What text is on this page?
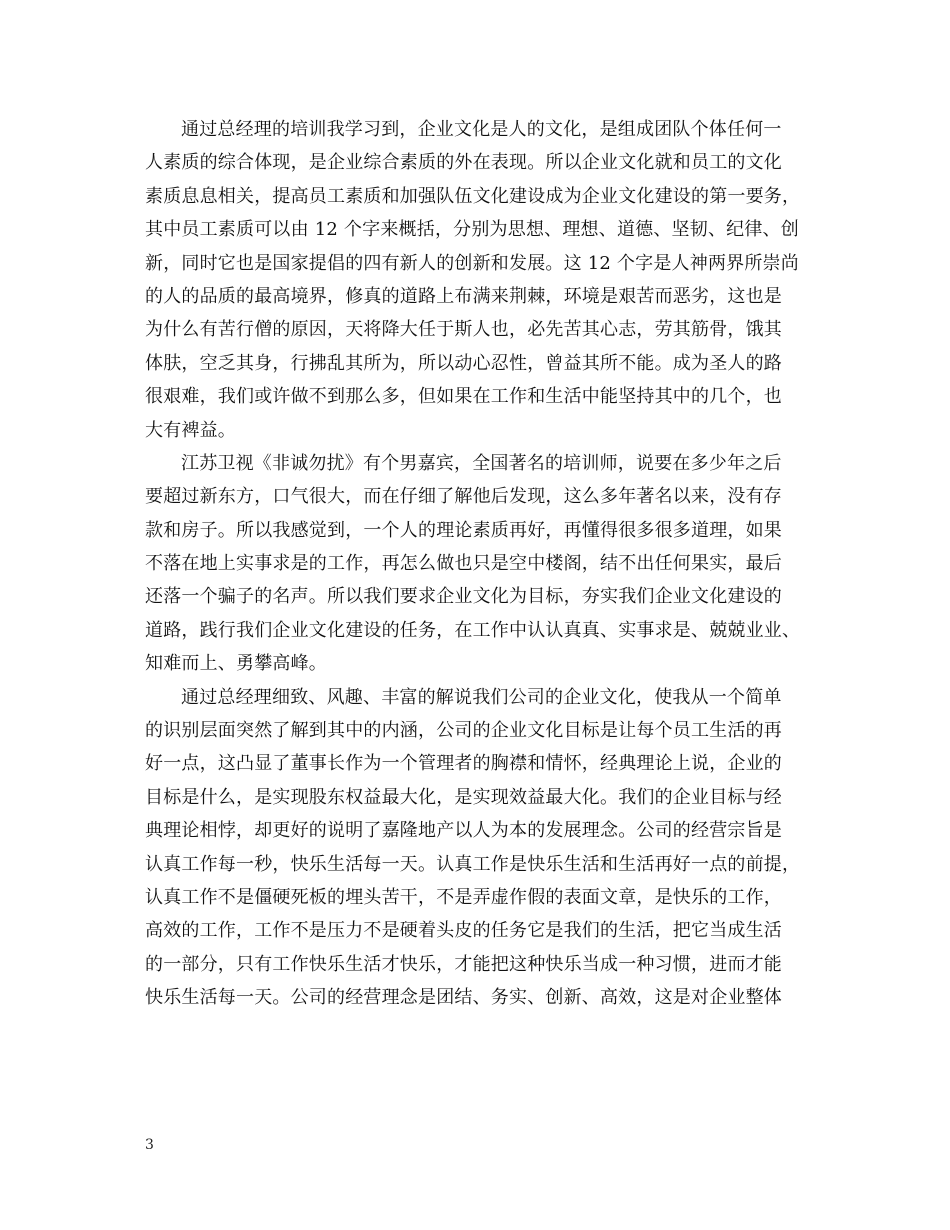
通过总经理的培训我学习到，企业文化是人的文化，是组成团队个体任何一
人素质的综合体现，是企业综合素质的外在表现。所以企业文化就和员工的文化
素质息息相关，提高员工素质和加强队伍文化建设成为企业文化建设的第一要务，
其中员工素质可以由 12 个字来概括，分别为思想、理想、道德、坚韧、纪律、创
新，同时它也是国家提倡的四有新人的创新和发展。这 12 个字是人神两界所崇尚
的人的品质的最高境界，修真的道路上布满来荆棘，环境是艰苦而恶劣，这也是
为什么有苦行僧的原因，天将降大任于斯人也，必先苦其心志，劳其筋骨，饿其
体肤，空乏其身，行拂乱其所为，所以动心忍性，曾益其所不能。成为圣人的路
很艰难，我们或许做不到那么多，但如果在工作和生活中能坚持其中的几个，也
大有裨益。
江苏卫视《非诚勿扰》有个男嘉宾，全国著名的培训师，说要在多少年之后
要超过新东方，口气很大，而在仔细了解他后发现，这么多年著名以来，没有存
款和房子。所以我感觉到，一个人的理论素质再好，再懂得很多很多道理，如果
不落在地上实事求是的工作，再怎么做也只是空中楼阁，结不出任何果实，最后
还落一个骗子的名声。所以我们要求企业文化为目标，夯实我们企业文化建设的
道路，践行我们企业文化建设的任务，在工作中认认真真、实事求是、兢兢业业、
知难而上、勇攀高峰。
通过总经理细致、风趣、丰富的解说我们公司的企业文化，使我从一个简单
的识别层面突然了解到其中的内涵，公司的企业文化目标是让每个员工生活的再
好一点，这凸显了董事长作为一个管理者的胸襟和情怀，经典理论上说，企业的
目标是什么，是实现股东权益最大化，是实现效益最大化。我们的企业目标与经
典理论相悖，却更好的说明了嘉隆地产以人为本的发展理念。公司的经营宗旨是
认真工作每一秒，快乐生活每一天。认真工作是快乐生活和生活再好一点的前提，
认真工作不是僵硬死板的埋头苦干，不是弄虚作假的表面文章，是快乐的工作，
高效的工作，工作不是压力不是硬着头皮的任务它是我们的生活，把它当成生活
的一部分，只有工作快乐生活才快乐，才能把这种快乐当成一种习惯，进而才能
快乐生活每一天。公司的经营理念是团结、务实、创新、高效，这是对企业整体
3
